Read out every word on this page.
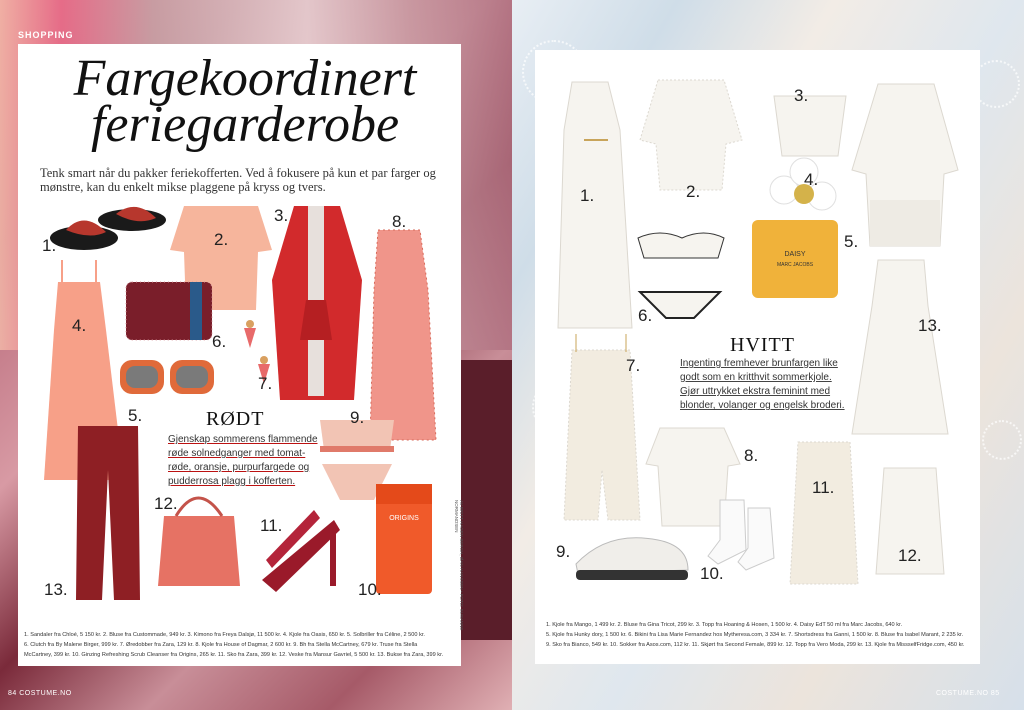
SHOPPING
Fargekoordinert
feriegarderobe
Tenk smart når du pakker feriekofferten. Ved å fokusere på kun et par farger og mønstre, kan du enkelt mikse plaggene på kryss og tvers.
ORIGINS
1.	2.
3.	8.
4.
6.
7.
5.	9.
12.
11.
13.	10.
RØDT
Gjenskap sommerens flammende
røde solnedganger med tomat-
røde, oransje, purpurfargede og
pudderrosa plagg i kofferten.
1. Sandaler fra Chloé, 5 150 kr. 2. Bluse fra Custommade, 949 kr. 3. Kimono fra Freya Dalsjø, 11 500 kr. 4. Kjole fra Oasis, 650 kr. 5. Solbriller fra Céline, 2 500 kr.
6. Clutch fra By Malene Birger, 999 kr. 7. Øredobber fra Zara, 129 kr. 8. Kjole fra House of Dagmar, 2 600 kr. 9. Bh fra Stella McCartney, 679 kr. Truse fra Stella
McCartney, 399 kr. 10. Ginzing Refreshing Scrub Cleanser fra Origins, 265 kr. 11. Sko fra Zara, 399 kr. 12. Veske fra Mansur Gavriel, 5 500 kr. 13. Bukse fra Zara, 399 kr.
AV BRITT HAGEN BERGH, ØAN HANSSEN • FOTO: SUSANNE NORMANDSEN
DAISY
MARC JACOBS
1.	2.
3.
4.
5.
6.
13.
7.
8.
11.
9.
10.
12.
HVITT
Ingenting fremhever brunfargen like
godt som en kritthvit sommerkjole.
Gjør uttrykket ekstra feminint med
blonder, volanger og engelsk broderi.
1. Kjole fra Mango, 1 499 kr. 2. Bluse fra Gina Tricot, 299 kr. 3. Topp fra Hoaning & Hosen, 1 500 kr. 4. Daisy EdT 50 ml fra Marc Jacobs, 640 kr.
5. Kjole fra Hunky dory, 1 500 kr. 6. Bikini fra Lisa Marie Fernandez hos Mytheresa.com, 3 334 kr. 7. Shortsdress fra Ganni, 1 500 kr. 8. Bluse fra Isabel Marant, 2 235 kr.
9. Sko fra Bianco, 549 kr. 10. Sokker fra Asos.com, 112 kr. 11. Skjørt fra Second Female, 899 kr. 12. Topp fra Vero Moda, 299 kr. 13. Kjole fra MissselfFridge.com, 450 kr.
84 COSTUME.NO	COSTUME.NO 85
